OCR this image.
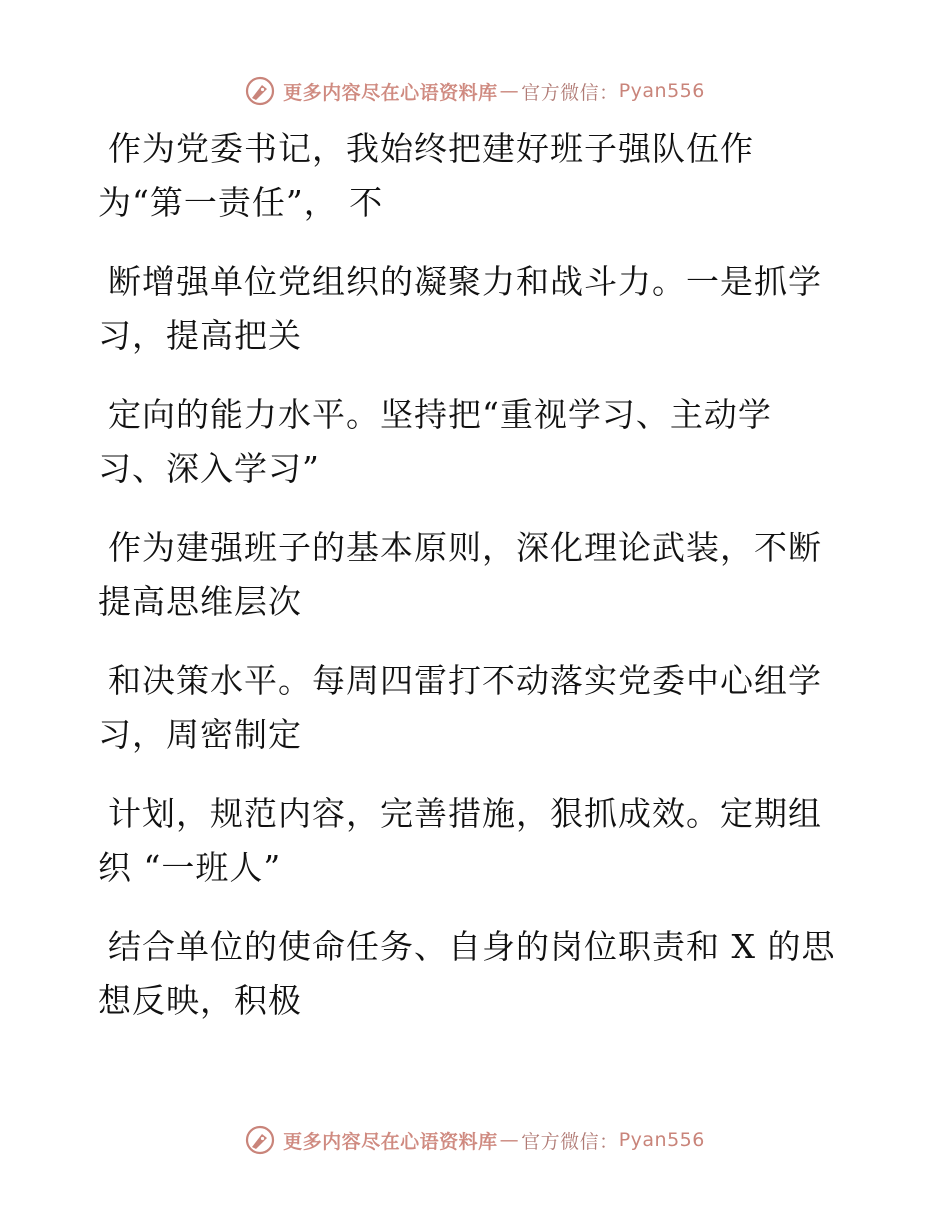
更多内容尽在心语资料库 — 官方微信： Pyan556
作为党委书记，我始终把建好班子强队伍作
为“第一责任”， 不
断增强单位党组织的凝聚力和战斗力。一是抓学
习，提高把关
定向的能力水平。坚持把“重视学习、主动学
习、深入学习”
作为建强班子的基本原则，深化理论武装，不断
提高思维层次
和决策水平。每周四雷打不动落实党委中心组学
习，周密制定
计划，规范内容，完善措施，狠抓成效。定期组
织 “一班人”
结合单位的使命任务、自身的岗位职责和 X 的思
想反映，积极
更多内容尽在心语资料库 — 官方微信： Pyan556
